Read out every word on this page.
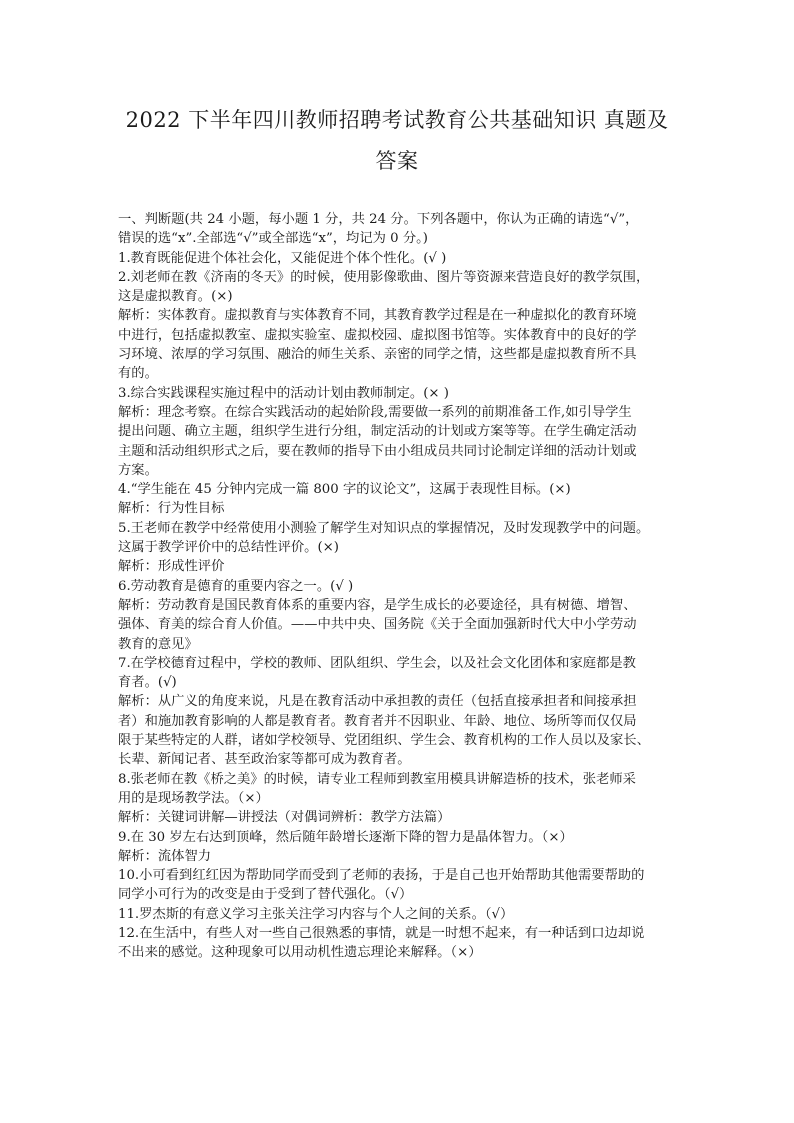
2022 下半年四川教师招聘考试教育公共基础知识 真题及
答案
一、判断题(共 24 小题，每小题 1 分，共 24 分。下列各题中，你认为正确的请选“√”，
错误的选“x”.全部选“√”或全部选“x”，均记为 0 分。)
1.教育既能促进个体社会化，又能促进个体个性化。(√ )
2.刘老师在教《济南的冬天》的时候，使用影像歌曲、图片等资源来营造良好的教学氛围，
这是虚拟教育。(×)
解析：实体教育。虚拟教育与实体教育不同，其教育教学过程是在一种虚拟化的教育环境
中进行，包括虚拟教室、虚拟实验室、虚拟校园、虚拟图书馆等。实体教育中的良好的学
习环境、浓厚的学习氛围、融洽的师生关系、亲密的同学之情，这些都是虚拟教育所不具
有的。
3.综合实践课程实施过程中的活动计划由教师制定。(× )
解析：理念考察。在综合实践活动的起始阶段,需要做一系列的前期准备工作,如引导学生
提出问题、确立主题，组织学生进行分组，制定活动的计划或方案等等。在学生确定活动
主题和活动组织形式之后，要在教师的指导下由小组成员共同讨论制定详细的活动计划或
方案。
4.“学生能在 45 分钟内完成一篇 800 字的议论文”，这属于表现性目标。(×)
解析：行为性目标
5.王老师在教学中经常使用小测验了解学生对知识点的掌握情况，及时发现教学中的问题。
这属于教学评价中的总结性评价。(×)
解析：形成性评价
6.劳动教育是德育的重要内容之一。(√ )
解析：劳动教育是国民教育体系的重要内容，是学生成长的必要途径，具有树德、增智、
强体、育美的综合育人价值。——中共中央、国务院《关于全面加强新时代大中小学劳动
教育的意见》
7.在学校德育过程中，学校的教师、团队组织、学生会，以及社会文化团体和家庭都是教
育者。(√)
解析：从广义的角度来说，凡是在教育活动中承担教的责任（包括直接承担者和间接承担
者）和施加教育影响的人都是教育者。教育者并不因职业、年龄、地位、场所等而仅仅局
限于某些特定的人群，诸如学校领导、党团组织、学生会、教育机构的工作人员以及家长、
长辈、新闻记者、甚至政治家等都可成为教育者。
8.张老师在教《桥之美》的时候，请专业工程师到教室用模具讲解造桥的技术，张老师采
用的是现场教学法。（×）
解析：关键词讲解—讲授法（对偶词辨析：教学方法篇）
9.在 30 岁左右达到顶峰，然后随年龄增长逐渐下降的智力是晶体智力。（×）
解析：流体智力
10.小可看到红红因为帮助同学而受到了老师的表扬，于是自己也开始帮助其他需要帮助的
同学小可行为的改变是由于受到了替代强化。（√）
11.罗杰斯的有意义学习主张关注学习内容与个人之间的关系。（√）
12.在生活中，有些人对一些自己很熟悉的事情，就是一时想不起来，有一种话到口边却说
不出来的感觉。这种现象可以用动机性遗忘理论来解释。（×）
